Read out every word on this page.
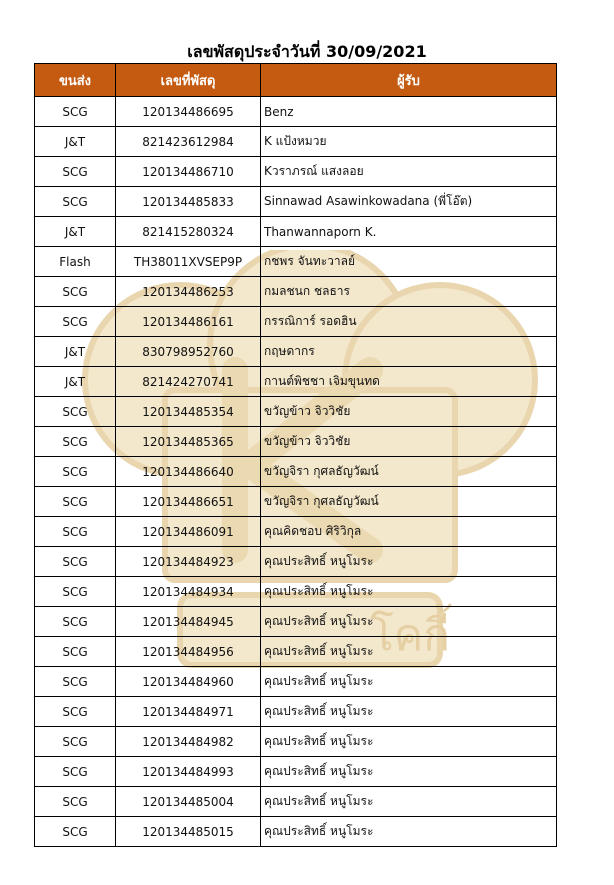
โคกี้
เลขพัสดุประจำวันที่ 30/09/2021
ขนส่ง	เลขที่พัสดุ	ผู้รับ
SCG	120134486695	Benz
J&T	821423612984	K แป้งหมวย
SCG	120134486710	Kวราภรณ์ แสงลอย
SCG	120134485833	Sinnawad Asawinkowadana (พี่โอ๊ต)
J&T	821415280324	Thanwannaporn K.
Flash	TH38011XVSEP9P	กชพร จันทะวาลย์
SCG	120134486253	กมลชนก ชลธาร
SCG	120134486161	กรรณิการ์ รอดฮิน
J&T	830798952760	กฤษดากร
J&T	821424270741	กานต์พิชชา เจิมขุนทด
SCG	120134485354	ขวัญข้าว จิววิชัย
SCG	120134485365	ขวัญข้าว จิววิชัย
SCG	120134486640	ขวัญจิรา กุศลธัญวัฒน์
SCG	120134486651	ขวัญจิรา กุศลธัญวัฒน์
SCG	120134486091	คุณคิดชอบ ศิริวิกุล
SCG	120134484923	คุณประสิทธิ์ หนูโมระ
SCG	120134484934	คุณประสิทธิ์ หนูโมระ
SCG	120134484945	คุณประสิทธิ์ หนูโมระ
SCG	120134484956	คุณประสิทธิ์ หนูโมระ
SCG	120134484960	คุณประสิทธิ์ หนูโมระ
SCG	120134484971	คุณประสิทธิ์ หนูโมระ
SCG	120134484982	คุณประสิทธิ์ หนูโมระ
SCG	120134484993	คุณประสิทธิ์ หนูโมระ
SCG	120134485004	คุณประสิทธิ์ หนูโมระ
SCG	120134485015	คุณประสิทธิ์ หนูโมระ
